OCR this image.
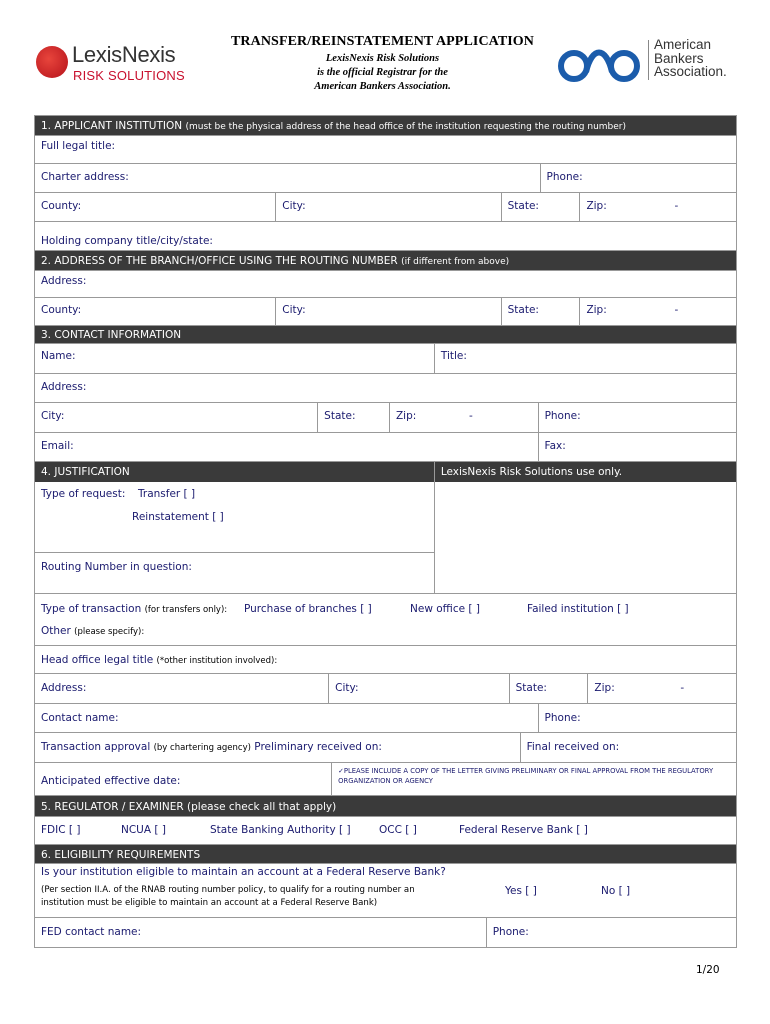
LexisNexis
RISK SOLUTIONS
TRANSFER/REINSTATEMENT APPLICATION
LexisNexis Risk Solutions
is the official Registrar for the
American Bankers Association.
American
Bankers
Association.
1. APPLICANT INSTITUTION (must be the physical address of the head office of the institution requesting the routing number)
Full legal title:
Charter address:	Phone:
County:	City:	State:	Zip:	-
Holding company title/city/state:
2. ADDRESS OF THE BRANCH/OFFICE USING THE ROUTING NUMBER (if different from above)
Address:
County:	City:	State:	Zip:	-
3. CONTACT INFORMATION
Name:	Title:
Address:
City:	State:	Zip:	-	Phone:
Email:	Fax:
4. JUSTIFICATION	LexisNexis Risk Solutions use only.
Type of request: Transfer [ ]
Reinstatement [ ]
Routing Number in question:
Type of transaction (for transfers only): Purchase of branches [ ]	New office [ ]	Failed institution [ ]
Other (please specify):
Head office legal title (*other institution involved):
Address:	City:	State:	Zip:	-
Contact name:	Phone:
Transaction approval (by chartering agency) Preliminary received on:	Final received on:
Anticipated effective date:
✓PLEASE INCLUDE A COPY OF THE LETTER GIVING PRELIMINARY OR FINAL APPROVAL FROM THE REGULATORY ORGANIZATION OR AGENCY
5. REGULATOR / EXAMINER (please check all that apply)
FDIC [ ]	NCUA [ ]	State Banking Authority [ ]	OCC [ ]	Federal Reserve Bank [ ]
6. ELIGIBILITY REQUIREMENTS
Is your institution eligible to maintain an account at a Federal Reserve Bank?
(Per section II.A. of the RNAB routing number policy, to qualify for a routing number an institution must be eligible to maintain an account at a Federal Reserve Bank)
Yes [ ]	No [ ]
FED contact name:	Phone:
1/20
